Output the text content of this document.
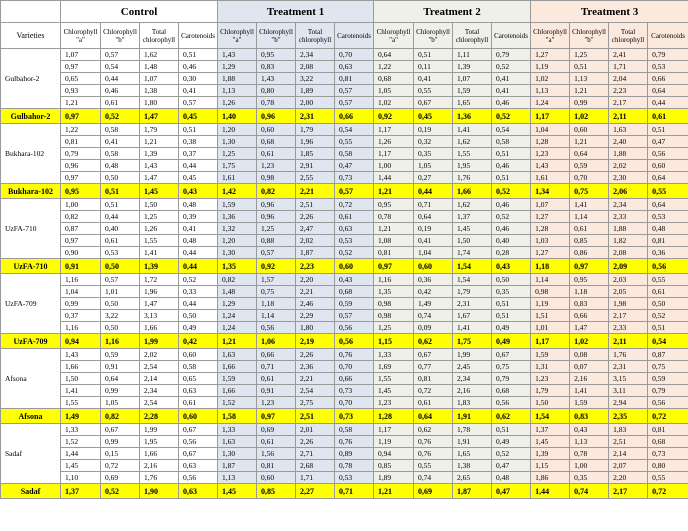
	Control				Treatment 1				Treatment 2				Treatment 3			
Varieties	Chlorophyll "a"	Chlorophyll "b"	Total chlorophyll	Carotenoids	Chlorophyll "a"	Chlorophyll "b"	Total chlorophyll	Carotenoids	Chlorophyll "a"	Chlorophyll "b"	Total chlorophyll	Carotenoids	Chlorophyll "a"	Chlorophyll "b"	Total chlorophyll	Carotenoids
Gulbahor-2	1,07	0,57	1,62	0,51	1,43	0,95	2,34	0,70	0,64	0,51	1,11	0,79	1,27	1,25	2,41	0,79
	0,97	0,54	1,48	0,46	1,29	0,83	2,08	0,63	1,22	0,11	1,39	0,52	1,19	0,51	1,71	0,53
	0,65	0,44	1,07	0,30	1,88	1,43	3,22	0,81	0,68	0,41	1,07	0,41	1,02	1,13	2,04	0,66
	0,93	0,46	1,38	0,41	1,13	0,80	1,89	0,57	1,05	0,55	1,59	0,41	1,13	1,21	2,23	0,64
	1,21	0,61	1,80	0,57	1,26	0,78	2,00	0,57	1,02	0,67	1,65	0,46	1,24	0,99	2,17	0,44
Gulbahor-2	0,97	0,52	1,47	0,45	1,40	0,96	2,31	0,66	0,92	0,45	1,36	0,52	1,17	1,02	2,11	0,61
Bukhara-102	1,22	0,58	1,79	0,51	1,20	0,60	1,79	0,54	1,17	0,19	1,41	0,54	1,04	0,60	1,63	0,51
	0,81	0,41	1,21	0,38	1,30	0,68	1,96	0,55	1,26	0,32	1,62	0,58	1,28	1,21	2,40	0,47
	0,79	0,58	1,39	0,37	1,25	0,61	1,85	0,58	1,17	0,35	1,55	0,51	1,23	0,64	1,88	0,56
	0,96	0,48	1,43	0,44	1,75	1,23	2,91	0,47	1,00	1,05	1,95	0,46	1,43	0,59	2,02	0,60
	0,97	0,50	1,47	0,45	1,61	0,98	2,55	0,73	1,44	0,27	1,76	0,51	1,61	0,70	2,30	0,64
Bukhara-102	0,95	0,51	1,45	0,43	1,42	0,82	2,21	0,57	1,21	0,44	1,66	0,52	1,34	0,75	2,06	0,55
UzFA-710	1,00	0,51	1,50	0,48	1,59	0,96	2,51	0,72	0,95	0,71	1,62	0,46	1,07	1,41	2,34	0,64
	0,82	0,44	1,25	0,39	1,36	0,96	2,26	0,61	0,78	0,64	1,37	0,52	1,27	1,14	2,33	0,53
	0,87	0,40	1,26	0,41	1,32	1,25	2,47	0,63	1,21	0,19	1,45	0,46	1,28	0,61	1,88	0,48
	0,97	0,61	1,55	0,48	1,20	0,88	2,02	0,53	1,08	0,41	1,50	0,40	1,03	0,85	1,82	0,81
	0,90	0,53	1,41	0,44	1,30	0,57	1,87	0,52	0,81	1,04	1,74	0,28	1,27	0,86	2,08	0,36
UzFA-710	0,91	0,50	1,39	0,44	1,35	0,92	2,23	0,60	0,97	0,60	1,54	0,43	1,18	0,97	2,09	0,56
UzFA-709	1,16	0,57	1,72	0,52	0,82	1,57	2,20	0,43	1,16	0,36	1,54	0,50	1,14	0,95	2,03	0,55
	1,04	1,01	1,96	0,33	1,48	0,75	2,21	0,68	1,35	0,42	1,79	0,35	0,98	1,18	2,05	0,61
	0,99	0,50	1,47	0,44	1,29	1,18	2,46	0,59	0,98	1,49	2,31	0,51	1,19	0,83	1,98	0,50
	0,37	3,22	3,13	0,50	1,24	1,14	2,29	0,57	0,98	0,74	1,67	0,51	1,51	0,66	2,17	0,52
	1,16	0,50	1,66	0,49	1,24	0,56	1,80	0,56	1,25	0,09	1,41	0,49	1,01	1,47	2,33	0,51
UzFA-709	0,94	1,16	1,99	0,42	1,21	1,06	2,19	0,56	1,15	0,62	1,75	0,49	1,17	1,02	2,11	0,54
Afsona	1,43	0,59	2,02	0,60	1,63	0,66	2,26	0,76	1,33	0,67	1,99	0,67	1,59	0,08	1,76	0,87
	1,66	0,91	2,54	0,58	1,66	0,71	2,36	0,70	1,69	0,77	2,45	0,75	1,31	0,07	2,31	0,75
	1,50	0,64	2,14	0,65	1,59	0,61	2,21	0,66	1,55	0,81	2,34	0,79	1,23	2,16	3,15	0,59
	1,41	0,99	2,34	0,63	1,66	0,91	2,54	0,73	1,45	0,72	2,16	0,68	1,79	1,41	3,11	0,79
	1,55	1,05	2,54	0,61	1,52	1,23	2,75	0,70	1,23	0,61	1,83	0,56	1,50	1,59	2,94	0,56
Afsona	1,49	0,82	2,28	0,60	1,58	0,97	2,51	0,73	1,28	0,64	1,91	0,62	1,54	0,83	2,35	0,72
Sadaf	1,33	0,67	1,99	0,67	1,33	0,69	2,01	0,58	1,17	0,62	1,78	0,51	1,37	0,43	1,83	0,81
	1,52	0,99	1,95	0,56	1,63	0,61	2,26	0,76	1,19	0,76	1,91	0,49	1,45	1,13	2,51	0,68
	1,44	0,15	1,66	0,67	1,30	1,56	2,71	0,89	0,94	0,76	1,65	0,52	1,39	0,78	2,14	0,73
	1,45	0,72	2,16	0,63	1,87	0,81	2,68	0,78	0,85	0,55	1,38	0,47	1,15	1,00	2,07	0,80
	1,10	0,69	1,76	0,56	1,13	0,60	1,71	0,53	1,89	0,74	2,65	0,48	1,86	0,35	2,20	0,55
Sadaf	1,37	0,52	1,90	0,63	1,45	0,85	2,27	0,71	1,21	0,69	1,87	0,47	1,44	0,74	2,17	0,72
